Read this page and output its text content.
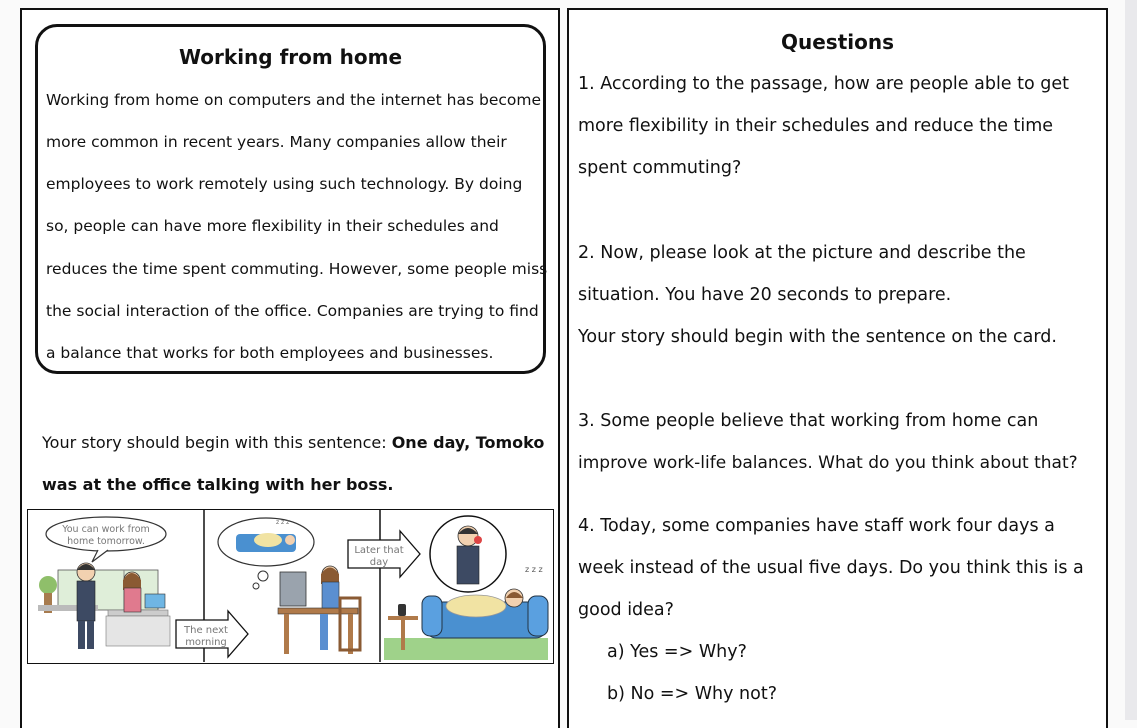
Working from home
Working from home on computers and the internet has become
more common in recent years. Many companies allow their
employees to work remotely using such technology. By doing
so, people can have more flexibility in their schedules and
reduces the time spent commuting. However, some people miss
the social interaction of the office. Companies are trying to find
a balance that works for both employees and businesses.
Your story should begin with this sentence: One day, Tomoko
was at the office talking with her boss.
You can work from
home tomorrow.
The next
morning
z z z
Later that
day
z z z
Questions
1. According to the passage, how are people able to get
more flexibility in their schedules and reduce the time
spent commuting?
2. Now, please look at the picture and describe the
situation. You have 20 seconds to prepare.
Your story should begin with the sentence on the card.
3. Some people believe that working from home can
improve work-life balances. What do you think about that?
4. Today, some companies have staff work four days a
week instead of the usual five days. Do you think this is a
good idea?
a) Yes => Why?
b) No => Why not?
